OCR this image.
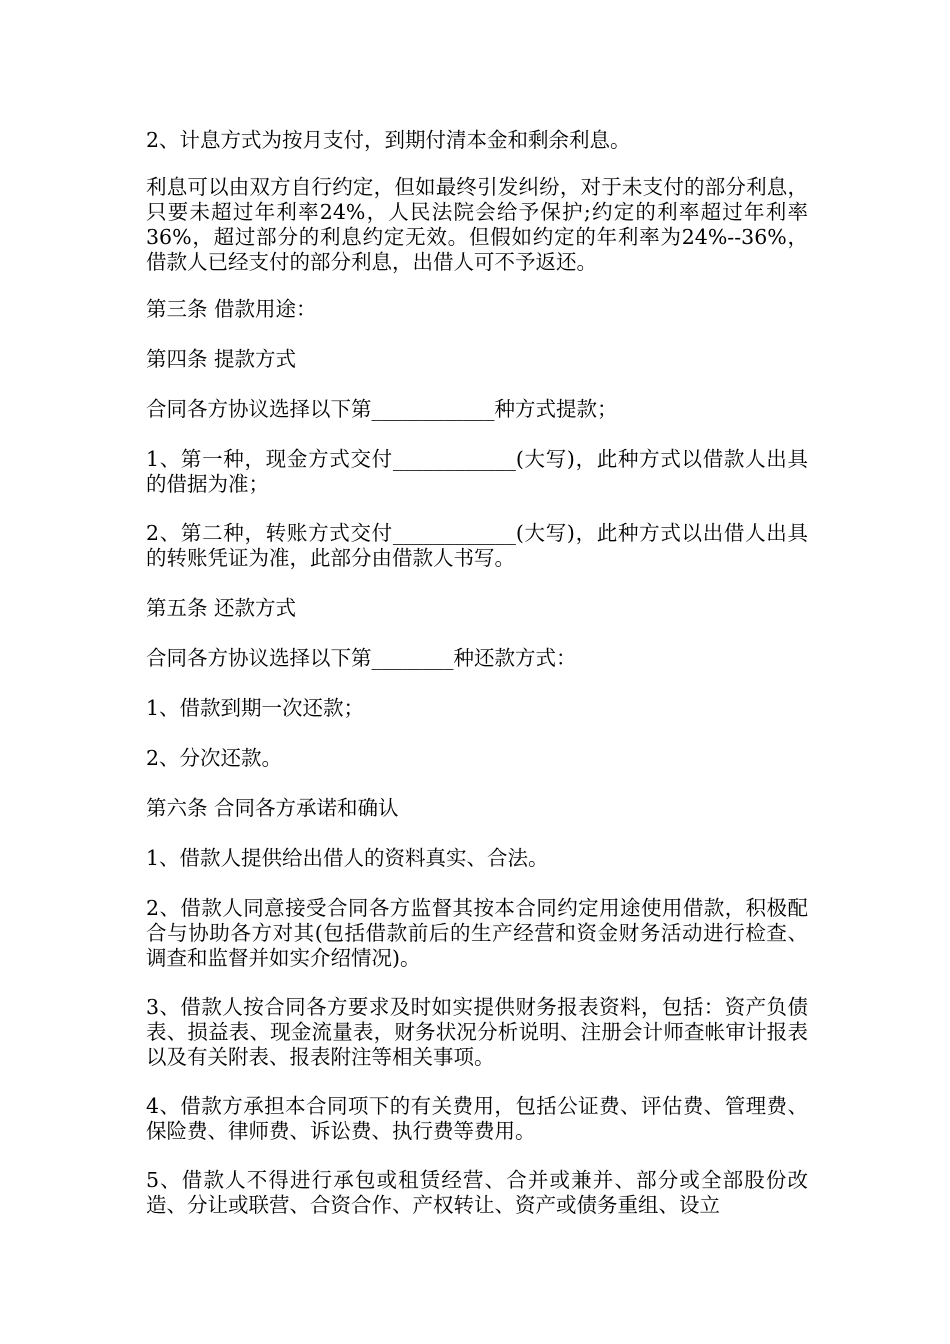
2、计息方式为按月支付，到期付清本金和剩余利息。

利息可以由双方自行约定，但如最终引发纠纷，对于未支付的部分利息，只要未超过年利率24%，人民法院会给予保护;约定的利率超过年利率36%，超过部分的利息约定无效。但假如约定的年利率为24%--36%，借款人已经支付的部分利息，出借人可不予返还。

第三条 借款用途：

第四条 提款方式

合同各方协议选择以下第____________种方式提款；

1、第一种，现金方式交付____________(大写)，此种方式以借款人出具的借据为准；

2、第二种，转账方式交付____________(大写)，此种方式以出借人出具的转账凭证为准，此部分由借款人书写。

第五条 还款方式

合同各方协议选择以下第________种还款方式：

1、借款到期一次还款；

2、分次还款。

第六条 合同各方承诺和确认

1、借款人提供给出借人的资料真实、合法。

2、借款人同意接受合同各方监督其按本合同约定用途使用借款，积极配合与协助各方对其(包括借款前后的生产经营和资金财务活动进行检查、调查和监督并如实介绍情况)。

3、借款人按合同各方要求及时如实提供财务报表资料，包括：资产负债表、损益表、现金流量表，财务状况分析说明、注册会计师查帐审计报表以及有关附表、报表附注等相关事项。

4、借款方承担本合同项下的有关费用，包括公证费、评估费、管理费、保险费、律师费、诉讼费、执行费等费用。

5、借款人不得进行承包或租赁经营、合并或兼并、部分或全部股份改造、分让或联营、合资合作、产权转让、资产或债务重组、设立
